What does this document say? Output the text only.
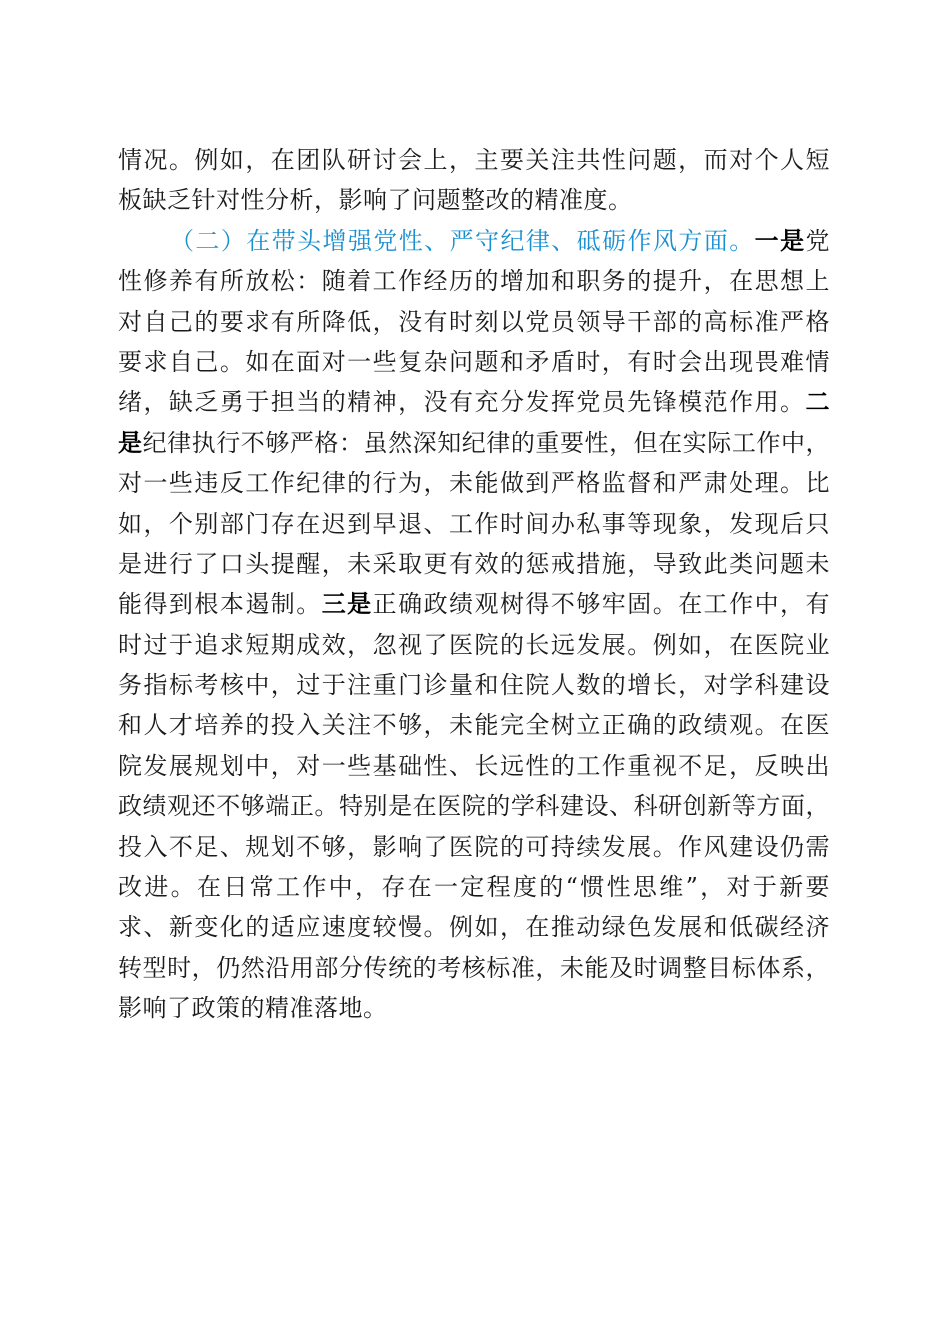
情况。例如，在团队研讨会上，主要关注共性问题，而对个人短
板缺乏针对性分析，影响了问题整改的精准度。
（二）在带头增强党性、严守纪律、砥砺作风方面。一是党
性修养有所放松：随着工作经历的增加和职务的提升，在思想上
对自己的要求有所降低，没有时刻以党员领导干部的高标准严格
要求自己。如在面对一些复杂问题和矛盾时，有时会出现畏难情
绪，缺乏勇于担当的精神，没有充分发挥党员先锋模范作用。二
是纪律执行不够严格：虽然深知纪律的重要性，但在实际工作中，
对一些违反工作纪律的行为，未能做到严格监督和严肃处理。比
如，个别部门存在迟到早退、工作时间办私事等现象，发现后只
是进行了口头提醒，未采取更有效的惩戒措施，导致此类问题未
能得到根本遏制。三是正确政绩观树得不够牢固。在工作中，有
时过于追求短期成效，忽视了医院的长远发展。例如，在医院业
务指标考核中，过于注重门诊量和住院人数的增长，对学科建设
和人才培养的投入关注不够，未能完全树立正确的政绩观。在医
院发展规划中，对一些基础性、长远性的工作重视不足，反映出
政绩观还不够端正。特别是在医院的学科建设、科研创新等方面，
投入不足、规划不够，影响了医院的可持续发展。作风建设仍需
改进。在日常工作中，存在一定程度的“惯性思维”，对于新要
求、新变化的适应速度较慢。例如，在推动绿色发展和低碳经济
转型时，仍然沿用部分传统的考核标准，未能及时调整目标体系，
影响了政策的精准落地。
